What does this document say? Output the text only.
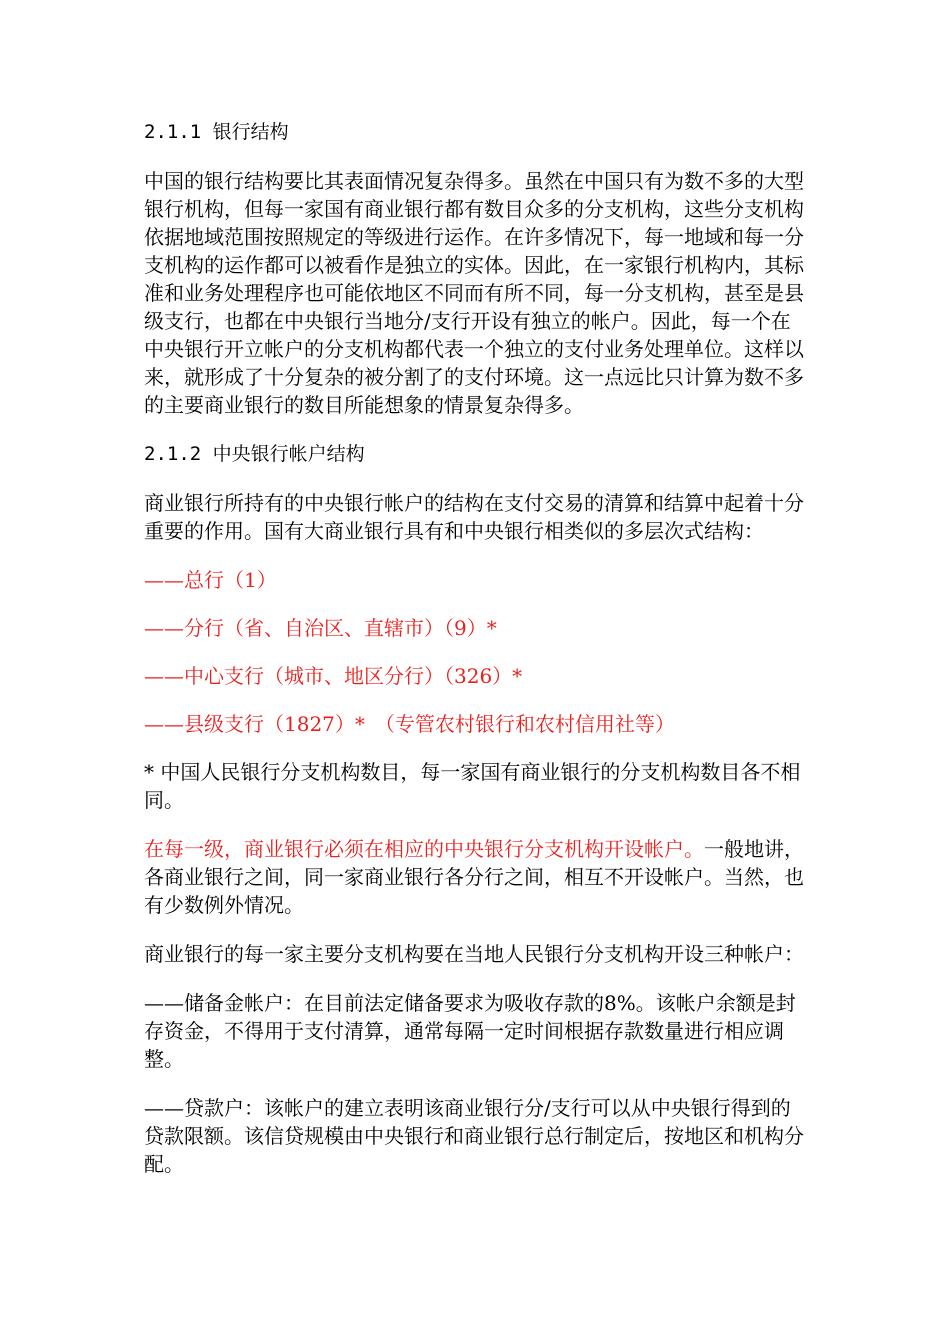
2.1.1 银行结构

中国的银行结构要比其表面情况复杂得多。虽然在中国只有为数不多的大型银行机构，但每一家国有商业银行都有数目众多的分支机构，这些分支机构依据地域范围按照规定的等级进行运作。在许多情况下，每一地域和每一分支机构的运作都可以被看作是独立的实体。因此，在一家银行机构内，其标准和业务处理程序也可能依地区不同而有所不同，每一分支机构，甚至是县级支行，也都在中央银行当地分/支行开设有独立的帐户。因此，每一个在中央银行开立帐户的分支机构都代表一个独立的支付业务处理单位。这样以来，就形成了十分复杂的被分割了的支付环境。这一点远比只计算为数不多的主要商业银行的数目所能想象的情景复杂得多。

2.1.2 中央银行帐户结构

商业银行所持有的中央银行帐户的结构在支付交易的清算和结算中起着十分重要的作用。国有大商业银行具有和中央银行相类似的多层次式结构：

——总行（1）

——分行（省、自治区、直辖市）（9）*

——中心支行（城市、地区分行）（326）*

——县级支行（1827）*　（专管农村银行和农村信用社等）

* 中国人民银行分支机构数目，每一家国有商业银行的分支机构数目各不相同。

在每一级，商业银行必须在相应的中央银行分支机构开设帐户。一般地讲，各商业银行之间，同一家商业银行各分行之间，相互不开设帐户。当然，也有少数例外情况。

商业银行的每一家主要分支机构要在当地人民银行分支机构开设三种帐户：

——储备金帐户：在目前法定储备要求为吸收存款的8%。该帐户余额是封存资金，不得用于支付清算，通常每隔一定时间根据存款数量进行相应调整。

——贷款户：该帐户的建立表明该商业银行分/支行可以从中央银行得到的贷款限额。该信贷规模由中央银行和商业银行总行制定后，按地区和机构分配。
